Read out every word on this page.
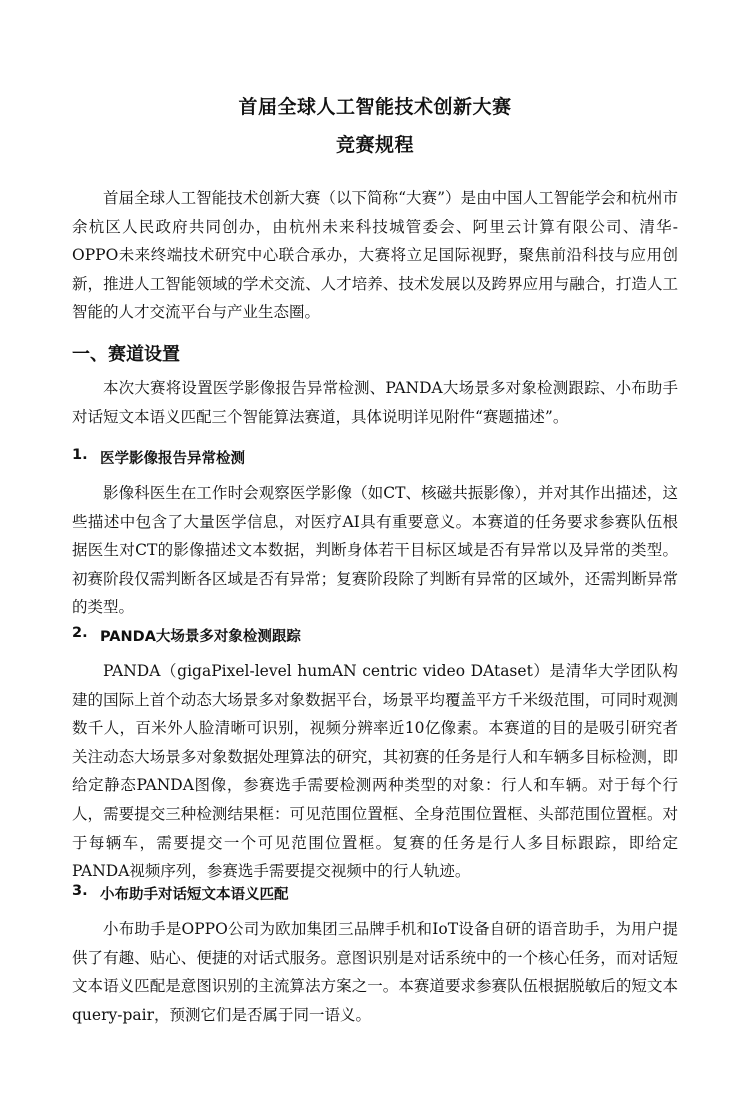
首届全球人工智能技术创新大赛
竞赛规程

首届全球人工智能技术创新大赛（以下简称“大赛”）是由中国人工智能学会和杭州市余杭区人民政府共同创办，由杭州未来科技城管委会、阿里云计算有限公司、清华-OPPO未来终端技术研究中心联合承办，大赛将立足国际视野，聚焦前沿科技与应用创新，推进人工智能领域的学术交流、人才培养、技术发展以及跨界应用与融合，打造人工智能的人才交流平台与产业生态圈。

一、赛道设置

本次大赛将设置医学影像报告异常检测、PANDA大场景多对象检测跟踪、小布助手对话短文本语义匹配三个智能算法赛道，具体说明详见附件“赛题描述”。

1. 医学影像报告异常检测

影像科医生在工作时会观察医学影像（如CT、核磁共振影像），并对其作出描述，这些描述中包含了大量医学信息，对医疗AI具有重要意义。本赛道的任务要求参赛队伍根据医生对CT的影像描述文本数据，判断身体若干目标区域是否有异常以及异常的类型。初赛阶段仅需判断各区域是否有异常；复赛阶段除了判断有异常的区域外，还需判断异常的类型。

2. PANDA大场景多对象检测跟踪

PANDA（gigaPixel-level humAN centric video DAtaset）是清华大学团队构建的国际上首个动态大场景多对象数据平台，场景平均覆盖平方千米级范围，可同时观测数千人，百米外人脸清晰可识别，视频分辨率近10亿像素。本赛道的目的是吸引研究者关注动态大场景多对象数据处理算法的研究，其初赛的任务是行人和车辆多目标检测，即给定静态PANDA图像，参赛选手需要检测两种类型的对象：行人和车辆。对于每个行人，需要提交三种检测结果框：可见范围位置框、全身范围位置框、头部范围位置框。对于每辆车，需要提交一个可见范围位置框。复赛的任务是行人多目标跟踪，即给定PANDA视频序列，参赛选手需要提交视频中的行人轨迹。

3. 小布助手对话短文本语义匹配

小布助手是OPPO公司为欧加集团三品牌手机和IoT设备自研的语音助手，为用户提供了有趣、贴心、便捷的对话式服务。意图识别是对话系统中的一个核心任务，而对话短文本语义匹配是意图识别的主流算法方案之一。本赛道要求参赛队伍根据脱敏后的短文本query-pair，预测它们是否属于同一语义。
